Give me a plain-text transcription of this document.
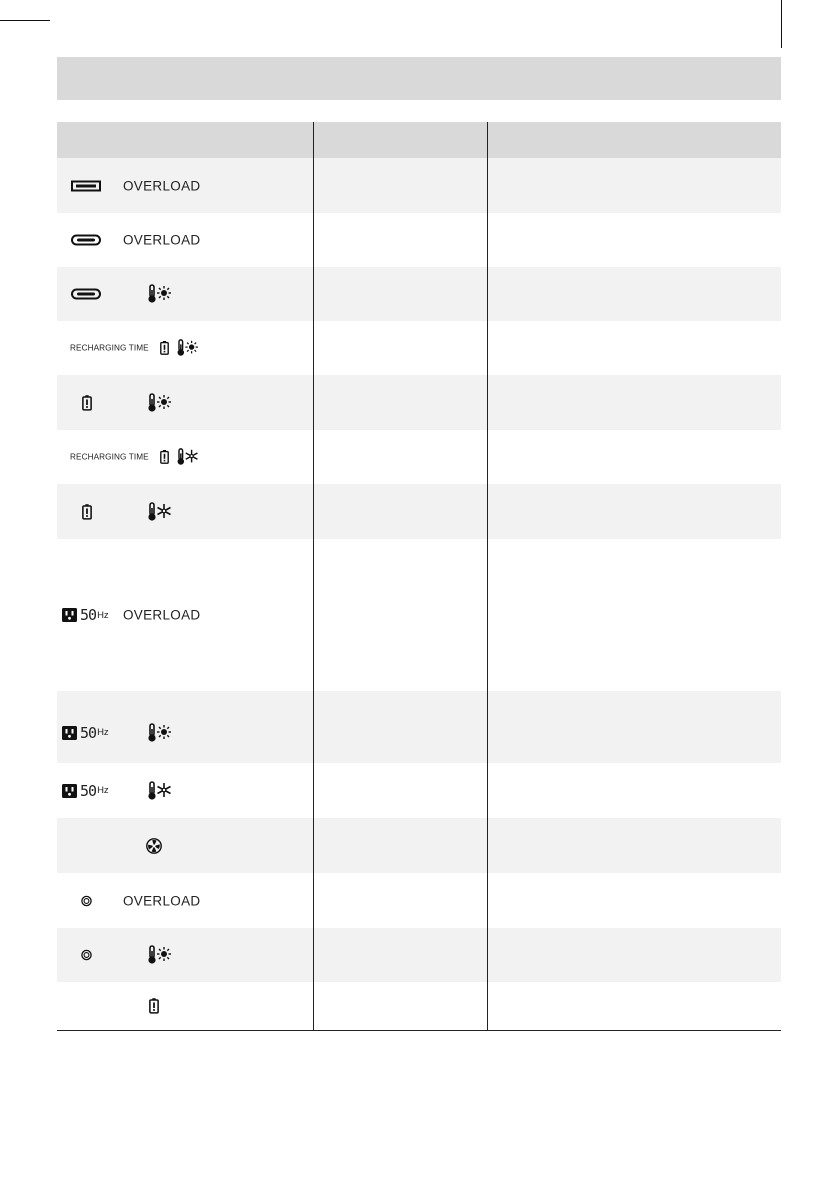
OVERLOAD
OVERLOAD
RECHARGING TIME
RECHARGING TIME
50 Hz OVERLOAD
50 Hz
50 Hz
OVERLOAD
